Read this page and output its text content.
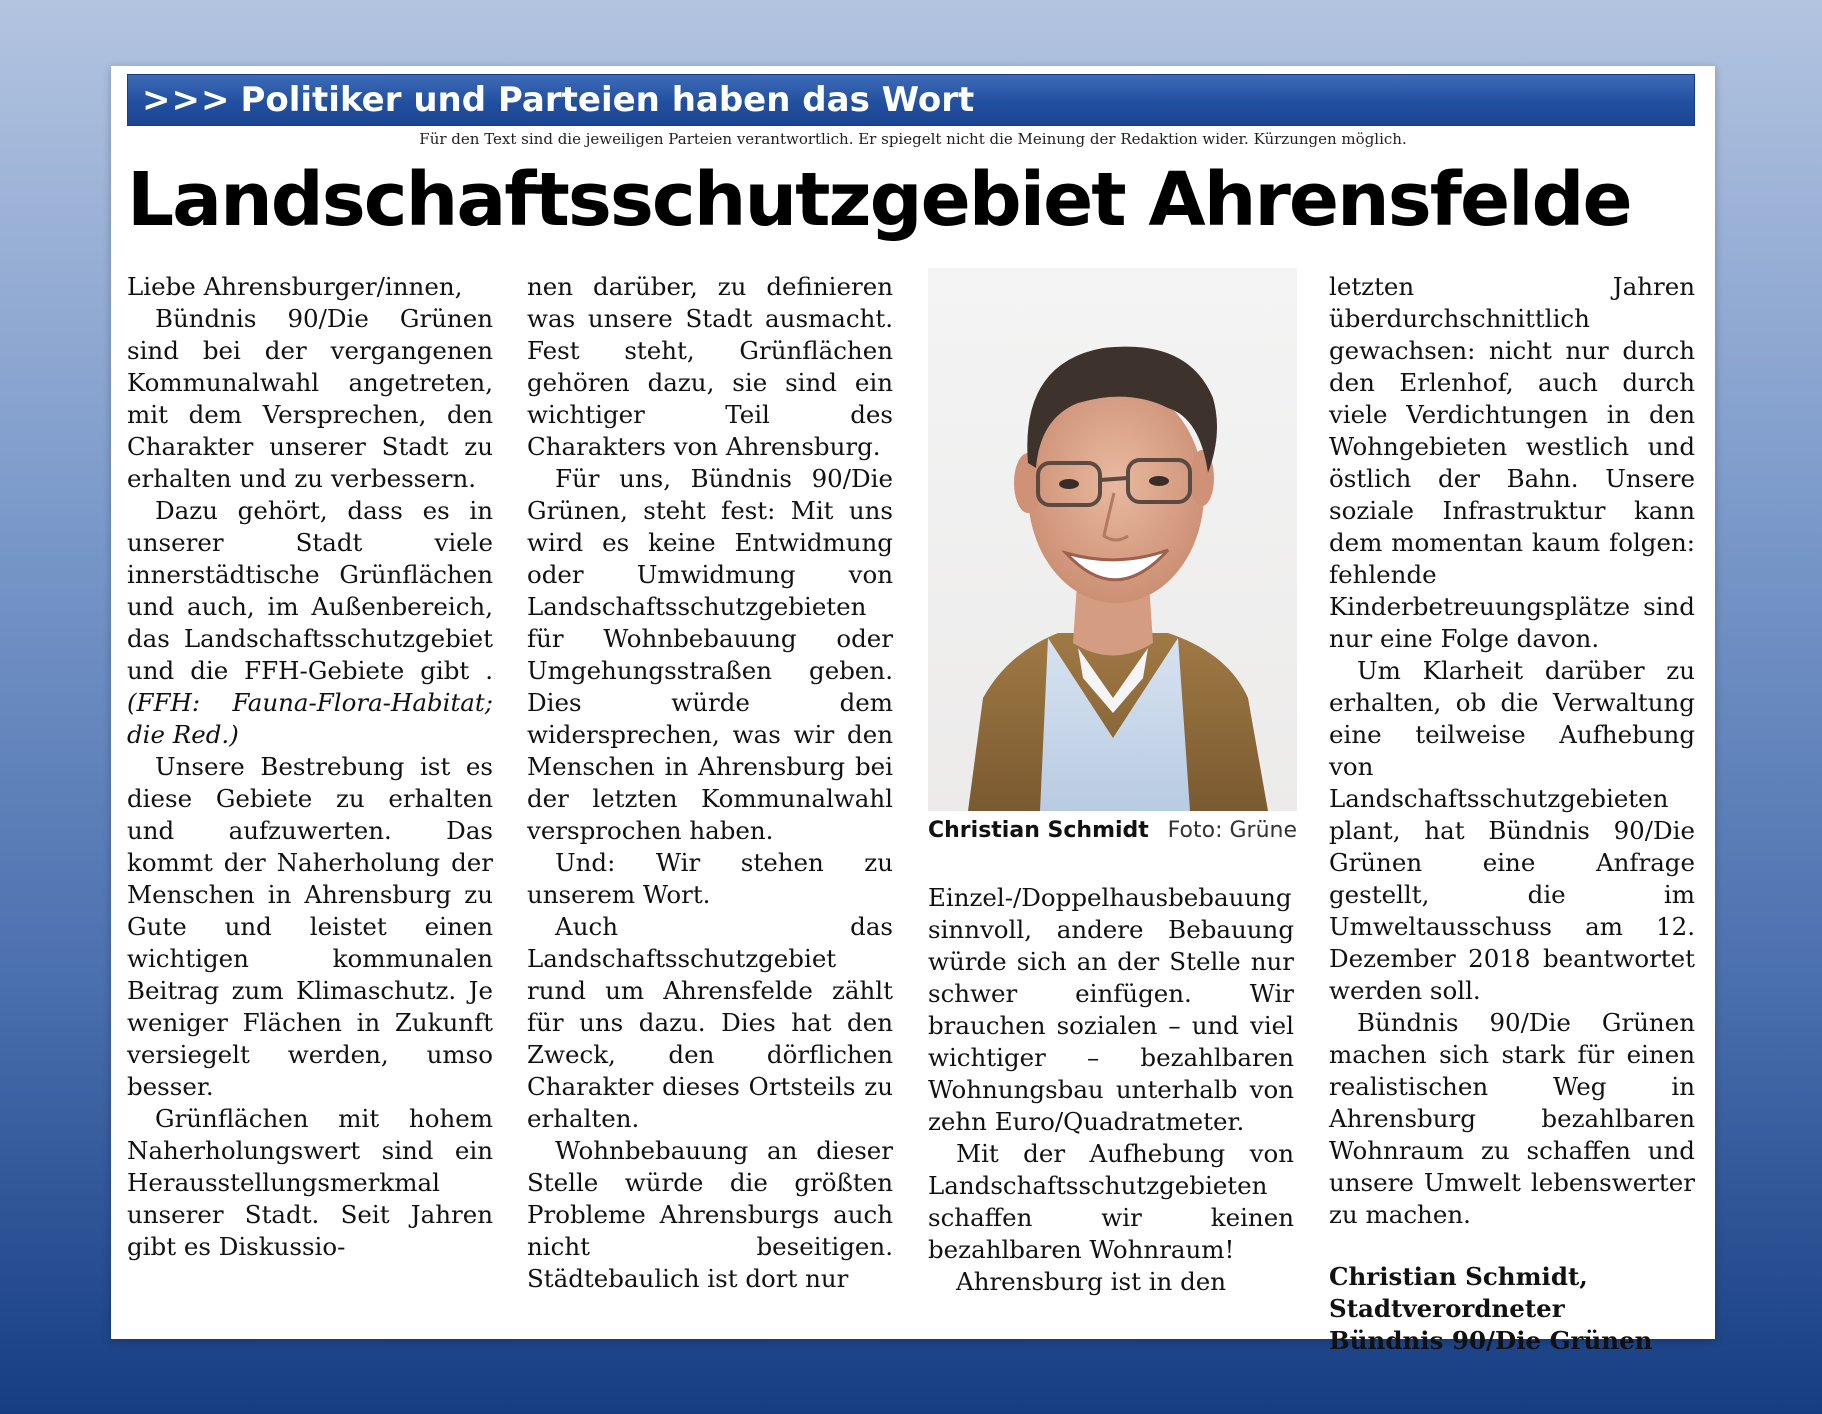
>>> Politiker und Parteien haben das Wort
Für den Text sind die jeweiligen Parteien verantwortlich. Er spiegelt nicht die Meinung der Redaktion wider. Kürzungen möglich.
Landschaftsschutzgebiet Ahrensfelde

Liebe Ahrensburger/innen,

Bündnis 90/Die Grünen sind bei der vergangenen Kommunalwahl angetreten, mit dem Versprechen, den Charakter unserer Stadt zu erhalten und zu verbessern.

Dazu gehört, dass es in unserer Stadt viele innerstädtische Grünflächen und auch, im Außenbereich, das Landschaftsschutzgebiet und die FFH-Gebiete gibt .(FFH: Fauna-Flora-Habitat; die Red.)

Unsere Bestrebung ist es diese Gebiete zu erhalten und aufzuwerten. Das kommt der Naherholung der Menschen in Ahrensburg zu Gute und leistet einen wichtigen kommunalen Beitrag zum Klimaschutz. Je weniger Flächen in Zukunft versiegelt werden, umso besser.

Grünflächen mit hohem Naherholungswert sind ein Herausstellungsmerkmal unserer Stadt. Seit Jahren gibt es Diskussio-

nen darüber, zu definieren was unsere Stadt ausmacht. Fest steht, Grünflächen gehören dazu, sie sind ein wichtiger Teil des Charakters von Ahrensburg.

Für uns, Bündnis 90/Die Grünen, steht fest: Mit uns wird es keine Entwidmung oder Umwidmung von Landschaftsschutzgebieten für Wohnbebauung oder Umgehungsstraßen geben. Dies würde dem widersprechen, was wir den Menschen in Ahrensburg bei der letzten Kommunalwahl versprochen haben.

Und: Wir stehen zu unserem Wort.

Auch das Landschaftsschutzgebiet rund um Ahrensfelde zählt für uns dazu. Dies hat den Zweck, den dörflichen Charakter dieses Ortsteils zu erhalten.

Wohnbebauung an dieser Stelle würde die größten Probleme Ahrensburgs auch nicht beseitigen. Städtebaulich ist dort nur

Christian Schmidt Foto: Grüne

Einzel-/Doppelhausbebauung sinnvoll, andere Bebauung würde sich an der Stelle nur schwer einfügen. Wir brauchen sozialen – und viel wichtiger – bezahlbaren Wohnungsbau unterhalb von zehn Euro/Quadratmeter.

Mit der Aufhebung von Landschaftsschutzgebieten schaffen wir keinen bezahlbaren Wohnraum!

Ahrensburg ist in den

letzten Jahren überdurchschnittlich gewachsen: nicht nur durch den Erlenhof, auch durch viele Verdichtungen in den Wohngebieten westlich und östlich der Bahn. Unsere soziale Infrastruktur kann dem momentan kaum folgen: fehlende Kinderbetreuungsplätze sind nur eine Folge davon.

Um Klarheit darüber zu erhalten, ob die Verwaltung eine teilweise Aufhebung von Landschaftsschutzgebieten plant, hat Bündnis 90/Die Grünen eine Anfrage gestellt, die im Umweltausschuss am 12. Dezember 2018 beantwortet werden soll.

Bündnis 90/Die Grünen machen sich stark für einen realistischen Weg in Ahrensburg bezahlbaren Wohnraum zu schaffen und unsere Umwelt lebenswerter zu machen.

Christian Schmidt,
Stadtverordneter
Bündnis 90/Die Grünen
